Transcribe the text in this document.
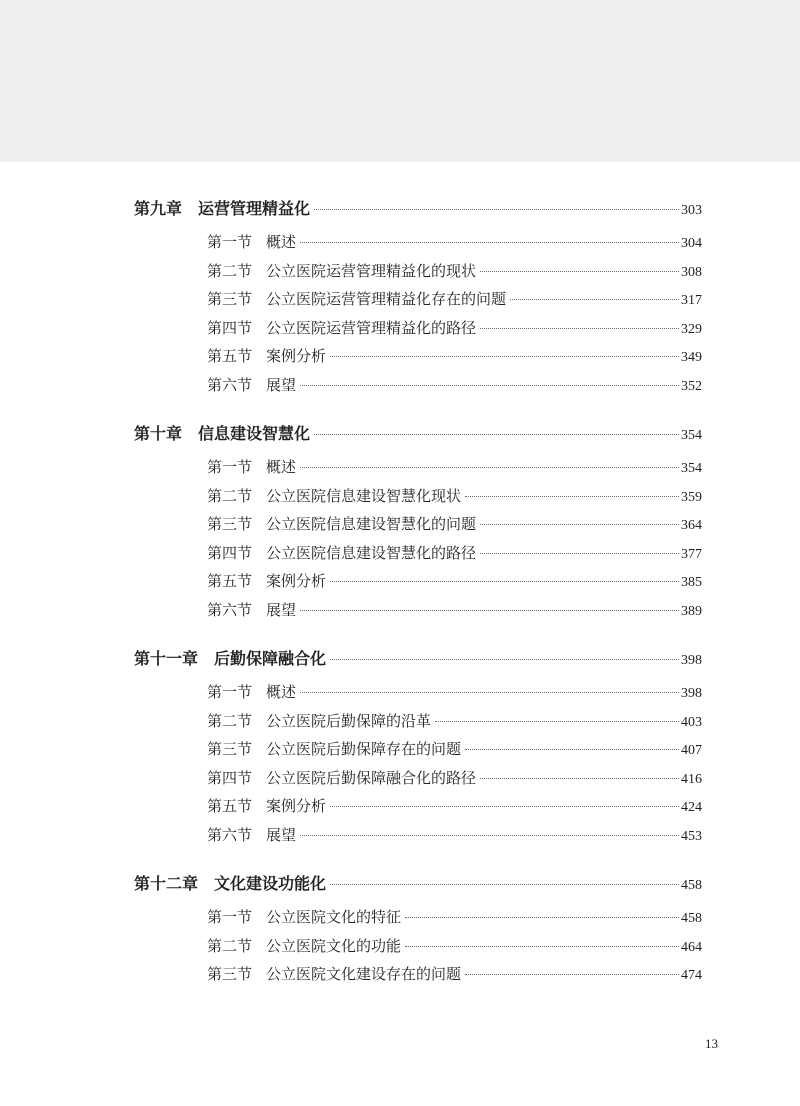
第九章 运营管理精益化	303
第一节 概述	304
第二节 公立医院运营管理精益化的现状	308
第三节 公立医院运营管理精益化存在的问题	317
第四节 公立医院运营管理精益化的路径	329
第五节 案例分析	349
第六节 展望	352
第十章 信息建设智慧化	354
第一节 概述	354
第二节 公立医院信息建设智慧化现状	359
第三节 公立医院信息建设智慧化的问题	364
第四节 公立医院信息建设智慧化的路径	377
第五节 案例分析	385
第六节 展望	389
第十一章 后勤保障融合化	398
第一节 概述	398
第二节 公立医院后勤保障的沿革	403
第三节 公立医院后勤保障存在的问题	407
第四节 公立医院后勤保障融合化的路径	416
第五节 案例分析	424
第六节 展望	453
第十二章 文化建设功能化	458
第一节 公立医院文化的特征	458
第二节 公立医院文化的功能	464
第三节 公立医院文化建设存在的问题	474
13
